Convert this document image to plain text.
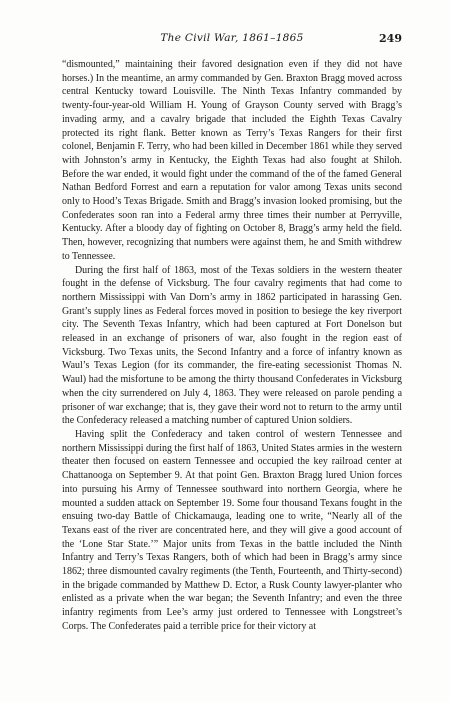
The Civil War, 1861–1865	249

“dismounted,” maintaining their favored designation even if they did not have horses.) In the meantime, an army commanded by Gen. Braxton Bragg moved across central Kentucky toward Louisville. The Ninth Texas Infantry commanded by twenty-four-year-old William H. Young of Grayson County served with Bragg’s invading army, and a cavalry brigade that included the Eighth Texas Cavalry protected its right flank. Better known as Terry’s Texas Rangers for their first colonel, Benjamin F. Terry, who had been killed in December 1861 while they served with Johnston’s army in Kentucky, the Eighth Texas had also fought at Shiloh. Before the war ended, it would fight under the command of the of the famed General Nathan Bedford Forrest and earn a reputation for valor among Texas units second only to Hood’s Texas Brigade. Smith and Bragg’s invasion looked promising, but the Confederates soon ran into a Federal army three times their number at Perryville, Kentucky. After a bloody day of fighting on October 8, Bragg’s army held the field. Then, however, recognizing that numbers were against them, he and Smith withdrew to Tennessee.

During the first half of 1863, most of the Texas soldiers in the western theater fought in the defense of Vicksburg. The four cavalry regiments that had come to northern Mississippi with Van Dorn’s army in 1862 participated in harassing Gen. Grant’s supply lines as Federal forces moved in position to besiege the key riverport city. The Seventh Texas Infantry, which had been captured at Fort Donelson but released in an exchange of prisoners of war, also fought in the region east of Vicksburg. Two Texas units, the Second Infantry and a force of infantry known as Waul’s Texas Legion (for its commander, the fire-eating secessionist Thomas N. Waul) had the misfortune to be among the thirty thousand Confederates in Vicksburg when the city surrendered on July 4, 1863. They were released on parole pending a prisoner of war exchange; that is, they gave their word not to return to the army until the Confederacy released a matching number of captured Union soldiers.

Having split the Confederacy and taken control of western Tennessee and northern Mississippi during the first half of 1863, United States armies in the western theater then focused on eastern Tennessee and occupied the key railroad center at Chattanooga on September 9. At that point Gen. Braxton Bragg lured Union forces into pursuing his Army of Tennessee southward into northern Georgia, where he mounted a sudden attack on September 19. Some four thousand Texans fought in the ensuing two-day Battle of Chickamauga, leading one to write, “Nearly all of the Texans east of the river are concentrated here, and they will give a good account of the ‘Lone Star State.’” Major units from Texas in the battle included the Ninth Infantry and Terry’s Texas Rangers, both of which had been in Bragg’s army since 1862; three dismounted cavalry regiments (the Tenth, Fourteenth, and Thirty-second) in the brigade commanded by Matthew D. Ector, a Rusk County lawyer-planter who enlisted as a private when the war began; the Seventh Infantry; and even the three infantry regiments from Lee’s army just ordered to Tennessee with Longstreet’s Corps. The Confederates paid a terrible price for their victory at
